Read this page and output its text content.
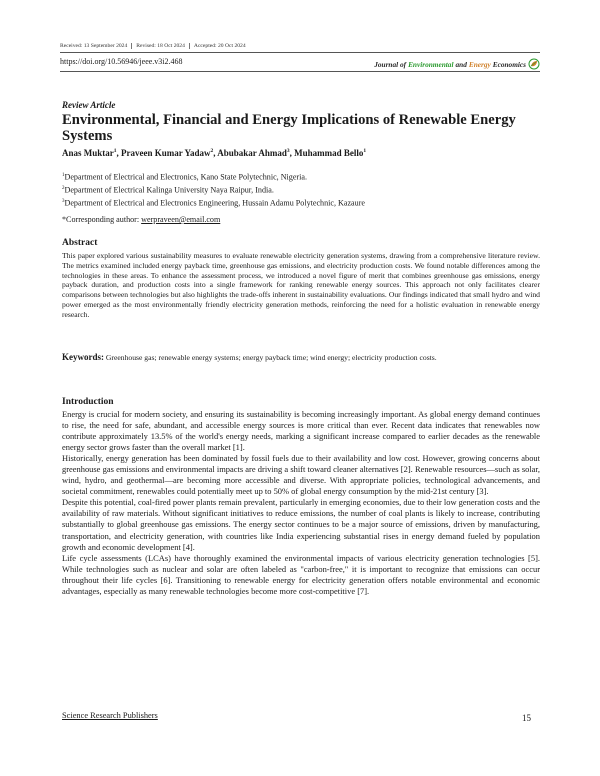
Received: 13 September 2024	Revised: 18 Oct 2024	Accepted: 20 Oct 2024
https://doi.org/10.56946/jeee.v3i2.468	Journal of Environmental and Energy Economics
Review Article
Environmental, Financial and Energy Implications of Renewable Energy Systems
Anas Muktar$^1$, Praveen Kumar Yadaw$^2$, Abubakar Ahmad$^3$, Muhammad Bello$^1$
$^1$Department of Electrical and Electronics, Kano State Polytechnic, Nigeria.
$^2$Department of Electrical Kalinga University Naya Raipur, India.
$^3$Department of Electrical and Electronics Engineering, Hussain Adamu Polytechnic, Kazaure
*Corresponding author: werpraveen@email.com
Abstract

This paper explored various sustainability measures to evaluate renewable electricity generation systems, drawing from a comprehensive literature review. The metrics examined included energy payback time, greenhouse gas emissions, and electricity production costs. We found notable differences among the technologies in these areas. To enhance the assessment process, we introduced a novel figure of merit that combines greenhouse gas emissions, energy payback duration, and production costs into a single framework for ranking renewable energy sources. This approach not only facilitates clearer comparisons between technologies but also highlights the trade-offs inherent in sustainability evaluations. Our findings indicated that small hydro and wind power emerged as the most environmentally friendly electricity generation methods, reinforcing the need for a holistic evaluation in renewable energy research.

Keywords: Greenhouse gas; renewable energy systems; energy payback time; wind energy; electricity production costs.

Introduction

Energy is crucial for modern society, and ensuring its sustainability is becoming increasingly important. As global energy demand continues to rise, the need for safe, abundant, and accessible energy sources is more critical than ever. Recent data indicates that renewables now contribute approximately 13.5% of the world's energy needs, marking a significant increase compared to earlier decades as the renewable energy sector grows faster than the overall market [1].

Historically, energy generation has been dominated by fossil fuels due to their availability and low cost. However, growing concerns about greenhouse gas emissions and environmental impacts are driving a shift toward cleaner alternatives [2]. Renewable resources—such as solar, wind, hydro, and geothermal—are becoming more accessible and diverse. With appropriate policies, technological advancements, and societal commitment, renewables could potentially meet up to 50% of global energy consumption by the mid-21st century [3].

Despite this potential, coal-fired power plants remain prevalent, particularly in emerging economies, due to their low generation costs and the availability of raw materials. Without significant initiatives to reduce emissions, the number of coal plants is likely to increase, contributing substantially to global greenhouse gas emissions. The energy sector continues to be a major source of emissions, driven by manufacturing, transportation, and electricity generation, with countries like India experiencing substantial rises in energy demand fueled by population growth and economic development [4].

Life cycle assessments (LCAs) have thoroughly examined the environmental impacts of various electricity generation technologies [5]. While technologies such as nuclear and solar are often labeled as "carbon-free," it is important to recognize that emissions can occur throughout their life cycles [6]. Transitioning to renewable energy for electricity generation offers notable environmental and economic advantages, especially as many renewable technologies become more cost-competitive [7].

Science Research Publishers	15
